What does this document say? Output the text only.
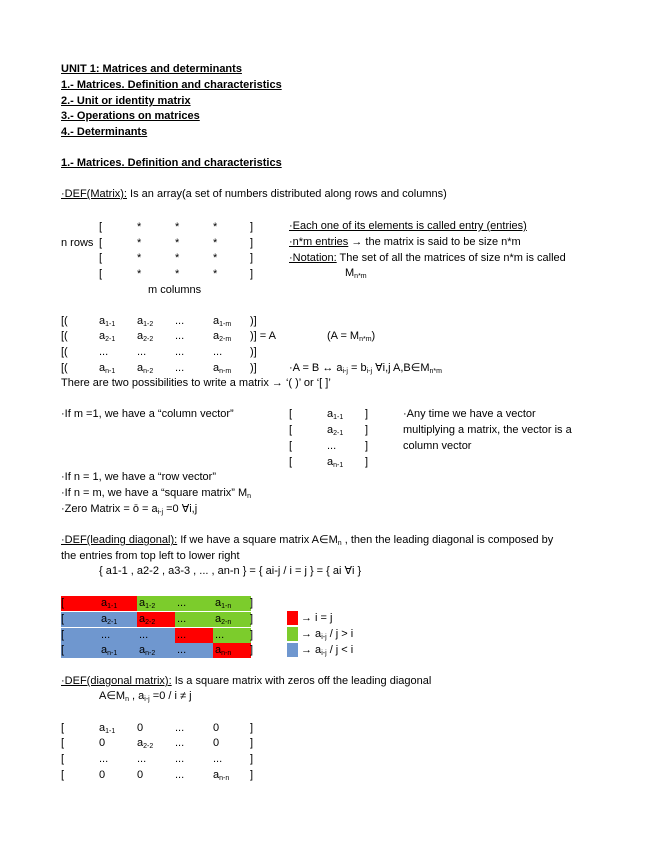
UNIT 1: Matrices and determinants
1.- Matrices. Definition and characteristics
2.- Unit or identity matrix
3.- Operations on matrices
4.- Determinants
1.- Matrices. Definition and characteristics
·DEF(Matrix): Is an array(a set of numbers distributed along rows and columns)
n rows
[	*	*	*	]
[	*	*	*	]
[	*	*	*	]
[	*	*	*	]
m columns
·Each one of its elements is called entry (entries)
·n*m entries → the matrix is said to be size n*m
·Notation: The set of all the matrices of size n*m is called
$M_{n*m}$
[(	$a_{1-1}$ $a_{1-2}$ ...	$a_{1-m}$ )]
[(	$a_{2-1}$ $a_{2-2}$ ...	$a_{2-m}$ )] = A
[(	...	...	...	...	)]
[(	$a_{n-1}$ $a_{n-2}$ ...	$a_{n-m}$ )]
$(A = M_{n*m})$
·A = B ↔ $a_{i-j} = b_{i-j}$ ∀i,j $A,B\in M_{n*m}$
There are two possibilities to write a matrix → ‘( )’ or ‘[ ]’
·If m =1, we have a “column vector”	[	$a_{1-1}$ ]
[	$a_{2-1}$ ]
[	...	]
[	$a_{n-1}$ ]
·Any time we have a vector
multiplying a matrix, the vector is a
column vector
·If n = 1, we have a “row vector”
·If n = m, we have a “square matrix” $M_n$
·Zero Matrix = ō = $a_{i-j} =0$ ∀i,j
·DEF(leading diagonal): If we have a square matrix $A\in M_n$ , then the leading diagonal is composed by
the entries from top left to lower right
{ a1-1 , a2-2 , a3-3 , ... , an-n } = { ai-j / i = j } = { ai ∀i }
[	$a_{1-1}$ $a_{1-2}$ ...	$a_{1-n}$ ]
[	$a_{2-1}$ $a_{2-2}$ ...	$a_{2-n}$ ]
[	...	...	...	... ]
[	$a_{n-1}$ $a_{n-2}$ ...	$a_{n-n}$ ]
→ i = j
→ $a_{i-j} / j > i$
→ $a_{i-j} / j < i$
·DEF(diagonal matrix): Is a square matrix with zeros off the leading diagonal
$A\in M_n$ , $a_{i-j} =0 / i \ne j$
[	$a_{1-1}$ 0	...	0	]
[	0	$a_{2-2}$ ...	0	]
[	...	...	...	...	]
[	0	0	...	$a_{n-n}$ ]
